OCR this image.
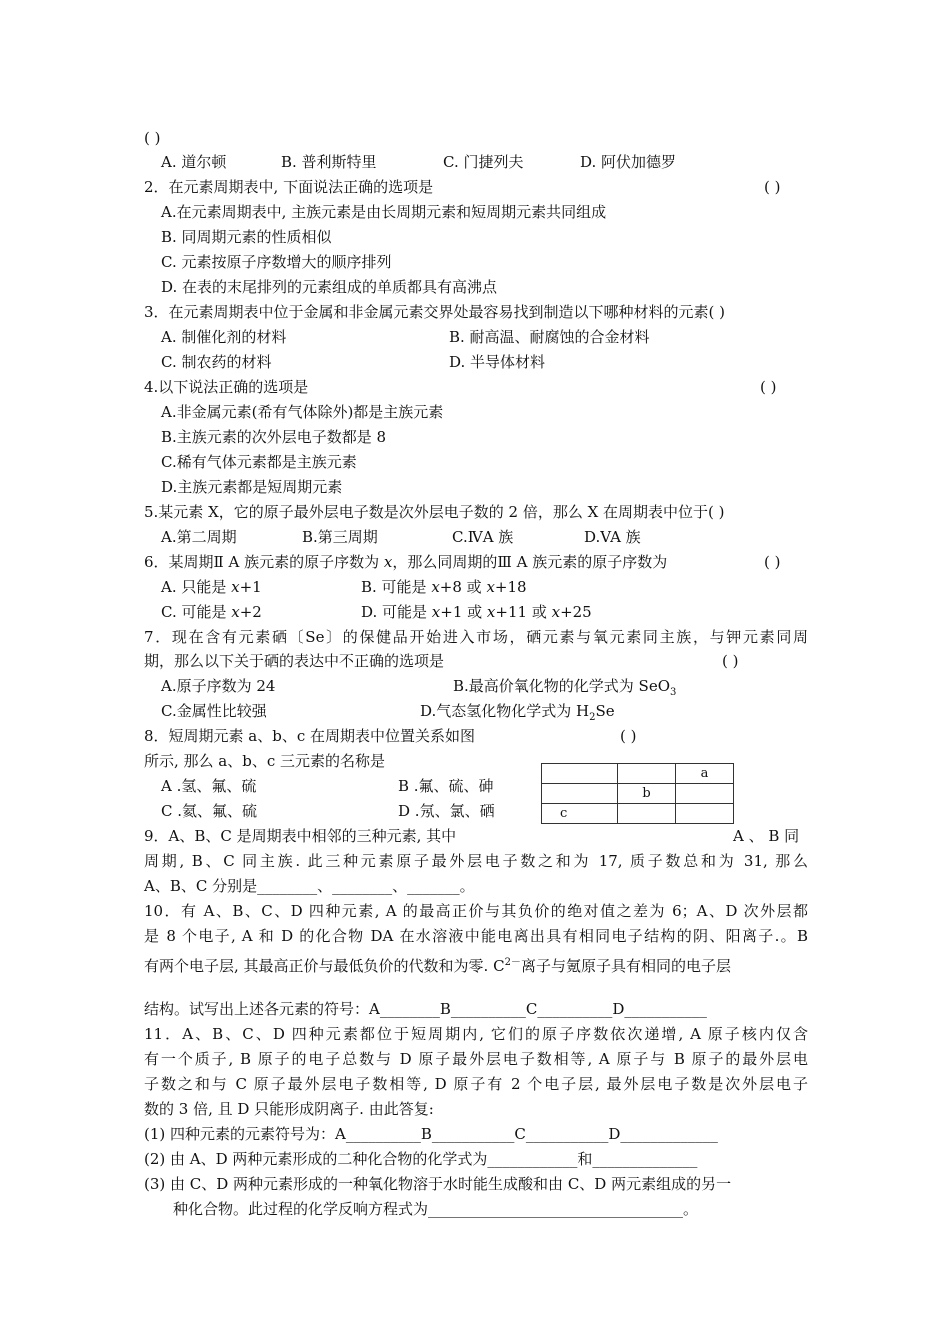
( )
A. 道尔顿	B. 普利斯特里	C. 门捷列夫	D. 阿伏加德罗
2．在元素周期表中, 下面说法正确的选项是	( )
A.在元素周期表中, 主族元素是由长周期元素和短周期元素共同组成
B. 同周期元素的性质相似
C. 元素按原子序数增大的顺序排列
D. 在表的末尾排列的元素组成的单质都具有高沸点
3．在元素周期表中位于金属和非金属元素交界处最容易找到制造以下哪种材料的元素( )
A. 制催化剂的材料	B. 耐高温、耐腐蚀的合金材料
C. 制农药的材料	D. 半导体材料
4.以下说法正确的选项是	( )
A.非金属元素(希有气体除外)都是主族元素
B.主族元素的次外层电子数都是 8
C.稀有气体元素都是主族元素
D.主族元素都是短周期元素
5.某元素 X，它的原子最外层电子数是次外层电子数的 2 倍，那么 X 在周期表中位于( )
A.第二周期	B.第三周期	C.ⅣA 族	D.VA 族
6．某周期Ⅱ A 族元素的原子序数为 x，那么同周期的Ⅲ A 族元素的原子序数为	( )
A. 只能是 x+1	B. 可能是 x+8 或 x+18
C. 可能是 x+2	D. 可能是 x+1 或 x+11 或 x+25
7．现在含有元素硒〔Se〕的保健品开始进入市场，硒元素与氧元素同主族，与钾元素同周
期，那么以下关于硒的表达中不正确的选项是	( )
A.原子序数为 24	B.最高价氧化物的化学式为 SeO$_3$
C.金属性比较强	D.气态氢化物化学式为 $H_2Se$
8．短周期元素 a、b、c 在周期表中位置关系如图	( )
所示, 那么 a、b、c 三元素的名称是
A .氢、氟、硫	B .氟、硫、砷
C .氦、氟、硫	D .氖、氯、硒
		a
	b	
c		
9．A、B、C 是周期表中相邻的三种元素, 其中	A 、 B 同
周期, B、C 同主族. 此三种元素原子最外层电子数之和为 17, 质子数总和为 31, 那么
A、B、C 分别是________、________、_______。
10．有 A、B、C、D 四种元素, A 的最高正价与其负价的绝对值之差为 6；A、D 次外层都
是 8 个电子, A 和 D 的化合物 DA 在水溶液中能电离出具有相同电子结构的阴、阳离子.。B
有两个电子层, 其最高正价与最低负价的代数和为零. $C^{2-}$离子与氪原子具有相同的电子层
结构。试写出上述各元素的符号：A________B__________C__________D___________
11．A、B、C、D 四种元素都位于短周期内, 它们的原子序数依次递增, A 原子核内仅含
有一个质子, B 原子的电子总数与 D 原子最外层电子数相等, A 原子与 B 原子的最外层电
子数之和与 C 原子最外层电子数相等, D 原子有 2 个电子层, 最外层电子数是次外层电子
数的 3 倍, 且 D 只能形成阴离子. 由此答复:
(1) 四种元素的元素符号为：A__________B___________C___________D_____________
(2) 由 A、D 两种元素形成的二种化合物的化学式为____________和______________
(3) 由 C、D 两种元素形成的一种氧化物溶于水时能生成酸和由 C、D 两元素组成的另一
种化合物。此过程的化学反响方程式为__________________________________。
